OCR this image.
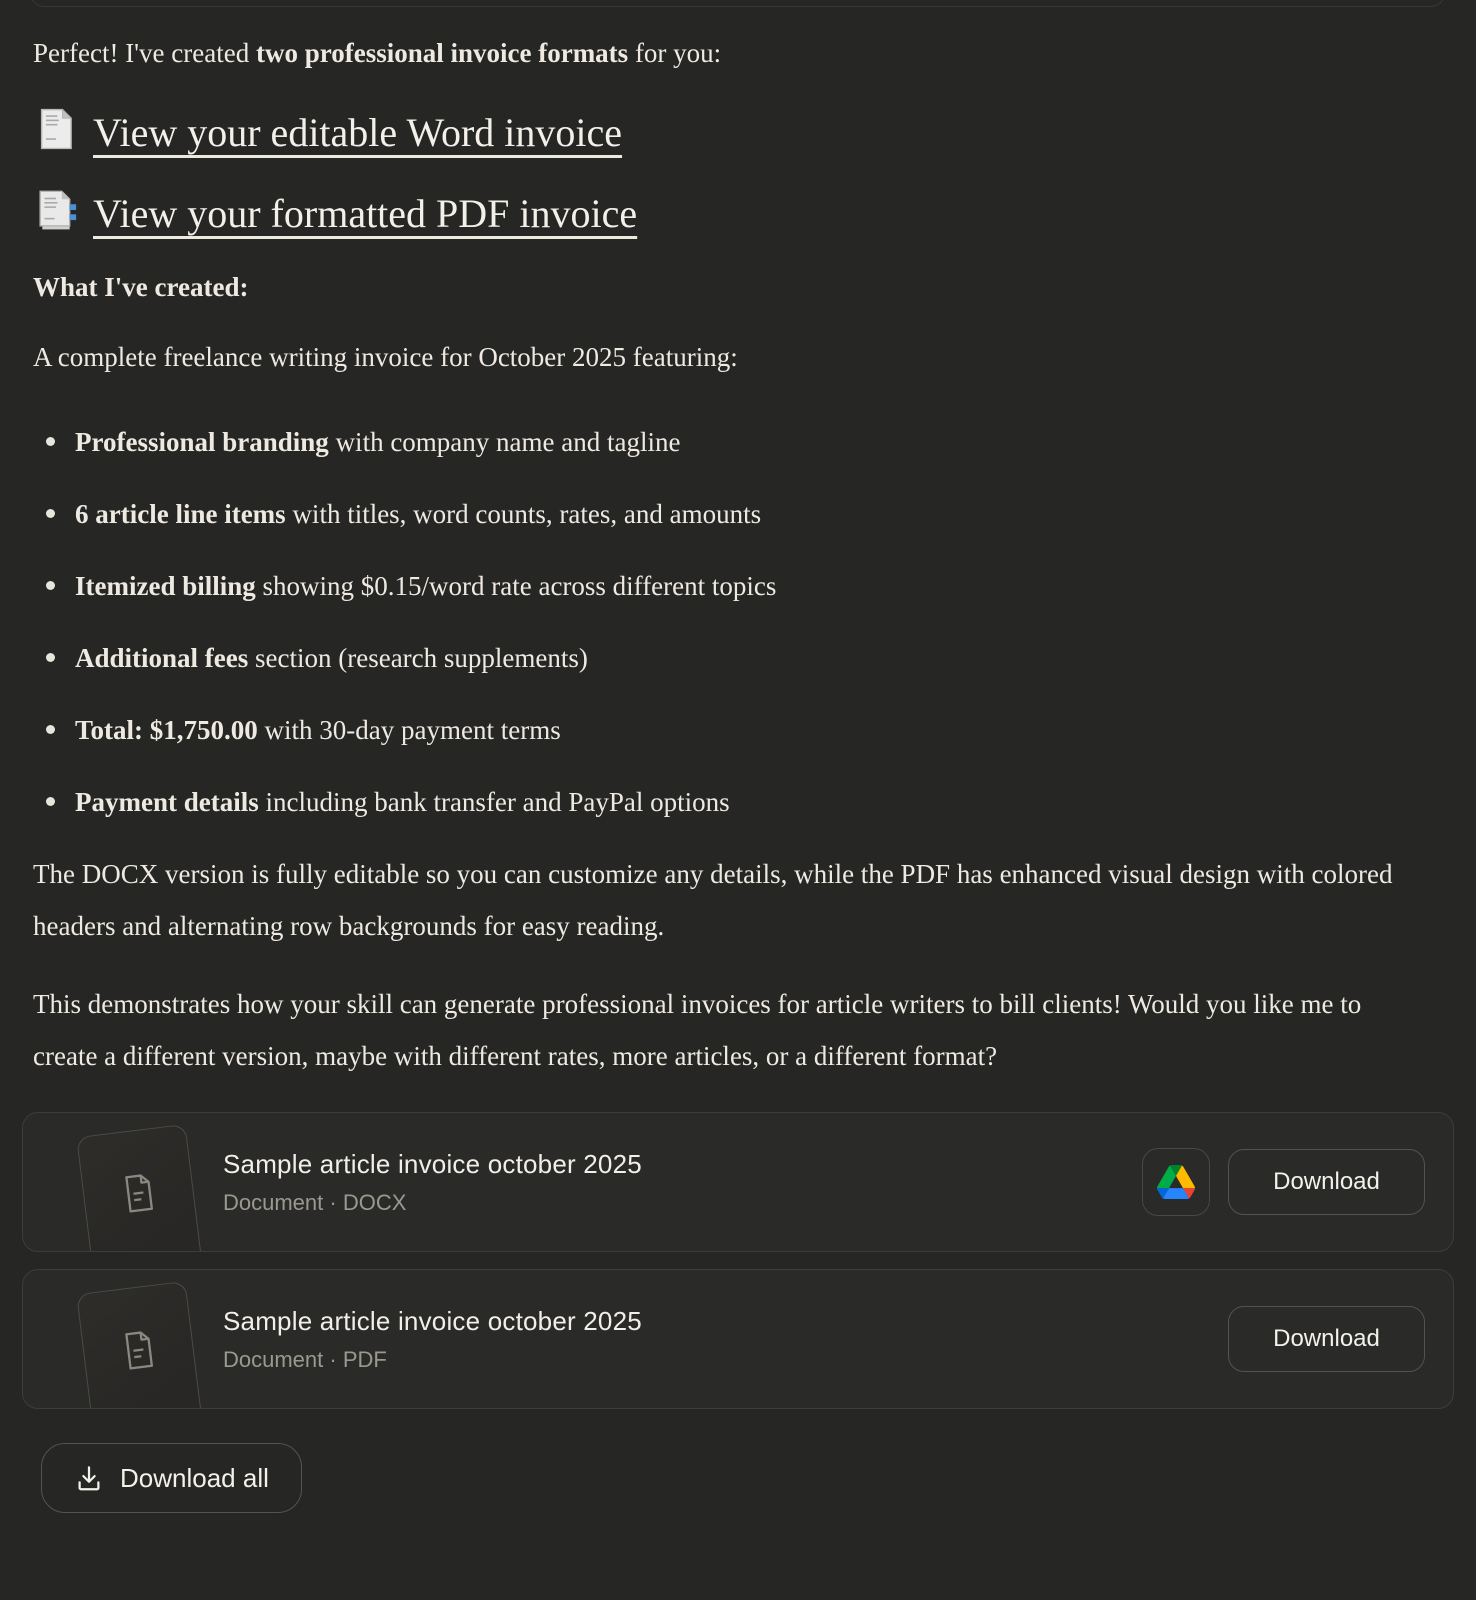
Perfect! I've created two professional invoice formats for you:

View your editable Word invoice
View your formatted PDF invoice

What I've created:

A complete freelance writing invoice for October 2025 featuring:

Professional branding with company name and tagline
6 article line items with titles, word counts, rates, and amounts
Itemized billing showing $0.15/word rate across different topics
Additional fees section (research supplements)
Total: $1,750.00 with 30-day payment terms
Payment details including bank transfer and PayPal options

The DOCX version is fully editable so you can customize any details, while the PDF has enhanced visual design with colored headers and alternating row backgrounds for easy reading.

This demonstrates how your skill can generate professional invoices for article writers to bill clients! Would you like me to create a different version, maybe with different rates, more articles, or a different format?

Sample article invoice october 2025
Document · DOCX
Download
Sample article invoice october 2025
Document · PDF
Download
Download all
